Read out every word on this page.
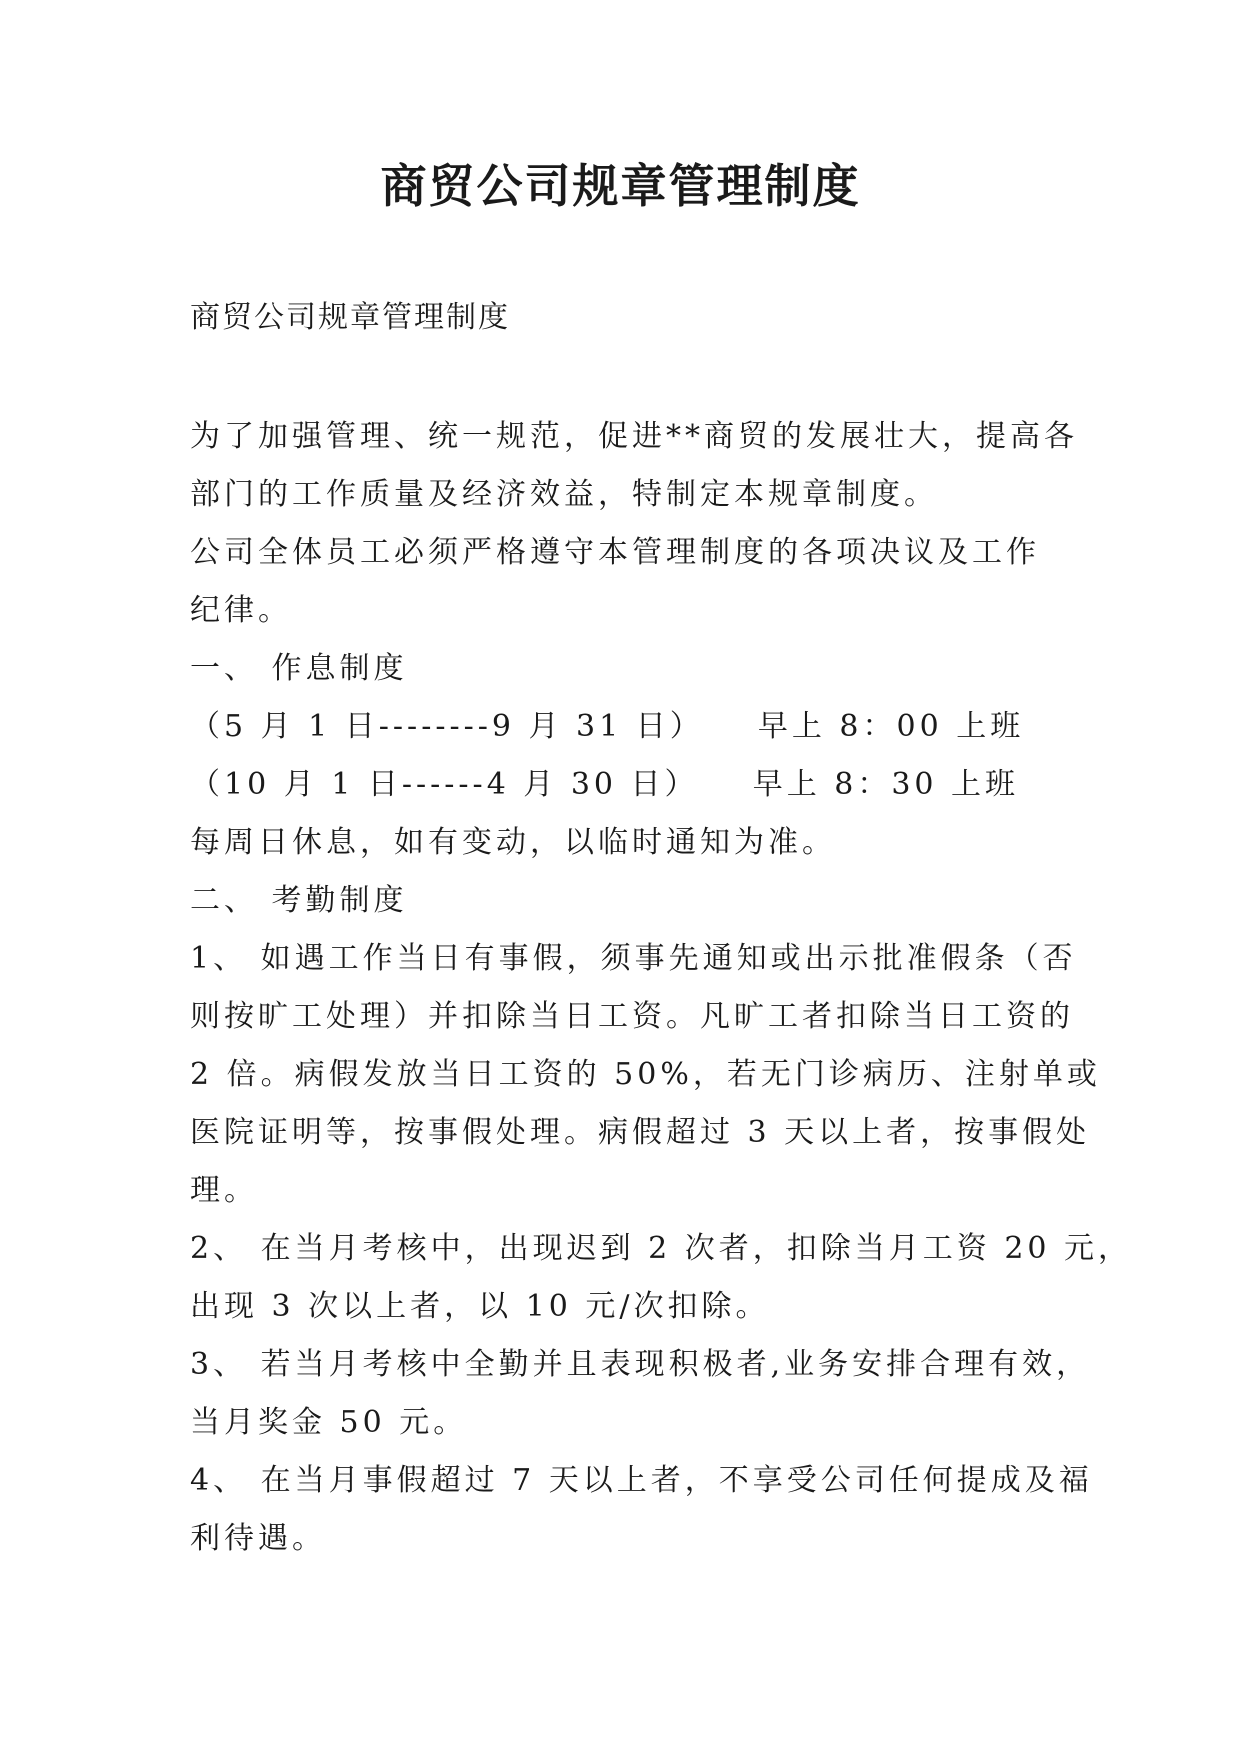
商贸公司规章管理制度
商贸公司规章管理制度

为了加强管理、统一规范，促进**商贸的发展壮大，提高各

部门的工作质量及经济效益，特制定本规章制度。

公司全体员工必须严格遵守本管理制度的各项决议及工作

纪律。

一、 作息制度

（5 月 1 日--------9 月 31 日）    早上 8：00 上班

（10 月 1 日------4 月 30 日）    早上 8：30 上班

每周日休息，如有变动，以临时通知为准。

二、 考勤制度

1、 如遇工作当日有事假，须事先通知或出示批准假条（否

则按旷工处理）并扣除当日工资。凡旷工者扣除当日工资的

2 倍。病假发放当日工资的 50%，若无门诊病历、注射单或

医院证明等，按事假处理。病假超过 3 天以上者，按事假处

理。

2、 在当月考核中，出现迟到 2 次者，扣除当月工资 20 元，

出现 3 次以上者，以 10 元/次扣除。

3、 若当月考核中全勤并且表现积极者,业务安排合理有效，

当月奖金 50 元。

4、 在当月事假超过 7 天以上者，不享受公司任何提成及福

利待遇。
